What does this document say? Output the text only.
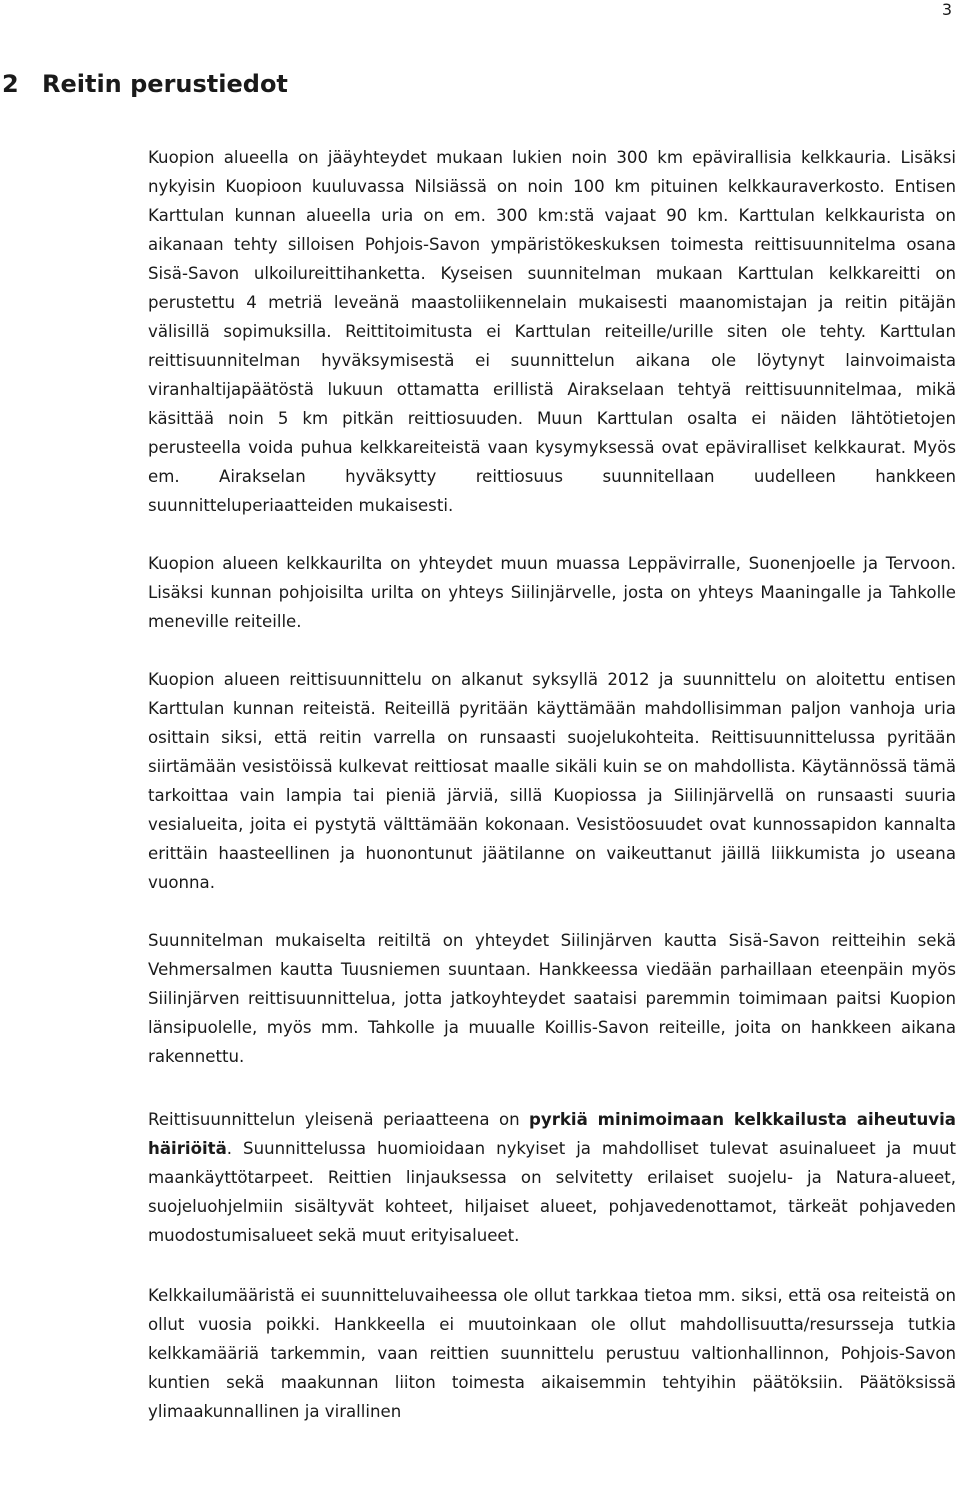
3
2 Reitin perustiedot

Kuopion alueella on jääyhteydet mukaan lukien noin 300 km epävirallisia kelkkauria. Lisäksi nykyisin Kuopioon kuuluvassa Nilsiässä on noin 100 km pituinen kelkkauraverkosto. Entisen Karttulan kunnan alueella uria on em. 300 km:stä vajaat 90 km. Karttulan kelkkaurista on aikanaan tehty silloisen Pohjois-Savon ympäristökeskuksen toimesta reittisuunnitelma osana Sisä-Savon ulkoilureittihanketta. Kyseisen suunnitelman mukaan Karttulan kelkkareitti on perustettu 4 metriä leveänä maastoliikennelain mukaisesti maanomistajan ja reitin pitäjän välisillä sopimuksilla. Reittitoimitusta ei Karttulan reiteille/urille siten ole tehty. Karttulan reittisuunnitelman hyväksymisestä ei suunnittelun aikana ole löytynyt lainvoimaista viranhaltijapäätöstä lukuun ottamatta erillistä Airakselaan tehtyä reittisuunnitelmaa, mikä käsittää noin 5 km pitkän reittiosuuden. Muun Karttulan osalta ei näiden lähtötietojen perusteella voida puhua kelkkareiteistä vaan kysymyksessä ovat epäviralliset kelkkaurat. Myös em. Airakselan hyväksytty reittiosuus suunnitellaan uudelleen hankkeen suunnitteluperiaatteiden mukaisesti.

Kuopion alueen kelkkaurilta on yhteydet muun muassa Leppävirralle, Suonenjoelle ja Tervoon. Lisäksi kunnan pohjoisilta urilta on yhteys Siilinjärvelle, josta on yhteys Maaningalle ja Tahkolle meneville reiteille.

Kuopion alueen reittisuunnittelu on alkanut syksyllä 2012 ja suunnittelu on aloitettu entisen Karttulan kunnan reiteistä. Reiteillä pyritään käyttämään mahdollisimman paljon vanhoja uria osittain siksi, että reitin varrella on runsaasti suojelukohteita. Reittisuunnittelussa pyritään siirtämään vesistöissä kulkevat reittiosat maalle sikäli kuin se on mahdollista. Käytännössä tämä tarkoittaa vain lampia tai pieniä järviä, sillä Kuopiossa ja Siilinjärvellä on runsaasti suuria vesialueita, joita ei pystytä välttämään kokonaan. Vesistöosuudet ovat kunnossapidon kannalta erittäin haasteellinen ja huonontunut jäätilanne on vaikeuttanut jäillä liikkumista jo useana vuonna.

Suunnitelman mukaiselta reitiltä on yhteydet Siilinjärven kautta Sisä-Savon reitteihin sekä Vehmersalmen kautta Tuusniemen suuntaan. Hankkeessa viedään parhaillaan eteenpäin myös Siilinjärven reittisuunnittelua, jotta jatkoyhteydet saataisi paremmin toimimaan paitsi Kuopion länsipuolelle, myös mm. Tahkolle ja muualle Koillis-Savon reiteille, joita on hankkeen aikana rakennettu.

Reittisuunnittelun yleisenä periaatteena on pyrkiä minimoimaan kelkkailusta aiheutuvia häiriöitä. Suunnittelussa huomioidaan nykyiset ja mahdolliset tulevat asuinalueet ja muut maankäyttötarpeet. Reittien linjauksessa on selvitetty erilaiset suojelu- ja Natura-alueet, suojeluohjelmiin sisältyvät kohteet, hiljaiset alueet, pohjavedenottamot, tärkeät pohjaveden muodostumisalueet sekä muut erityisalueet.

Kelkkailumääristä ei suunnitteluvaiheessa ole ollut tarkkaa tietoa mm. siksi, että osa reiteistä on ollut vuosia poikki. Hankkeella ei muutoinkaan ole ollut mahdollisuutta/resursseja tutkia kelkkamääriä tarkemmin, vaan reittien suunnittelu perustuu valtionhallinnon, Pohjois-Savon kuntien sekä maakunnan liiton toimesta aikaisemmin tehtyihin päätöksiin. Päätöksissä ylimaakunnallinen ja virallinen
